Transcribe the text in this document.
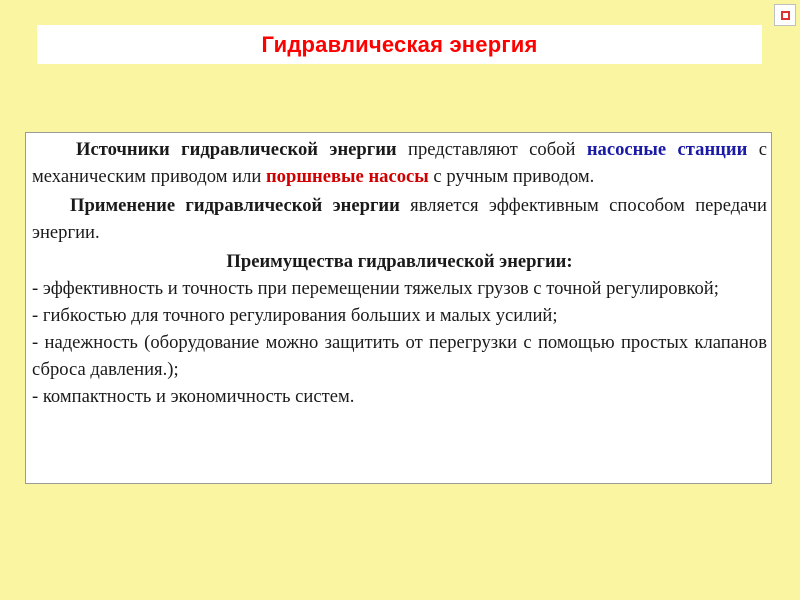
Гидравлическая энергия

Источники гидравлической энергии представляют собой насосные станции с механическим приводом или поршневые насосы с ручным приводом.

Применение гидравлической энергии является эффективным способом передачи энергии.

Преимущества гидравлической энергии:

- эффективность и точность при перемещении тяжелых грузов с точной регулировкой;

- гибкостью для точного регулирования больших и малых усилий;

- надежность (оборудование можно защитить от перегрузки с помощью простых клапанов сброса давления.);

- компактность и экономичность систем.
